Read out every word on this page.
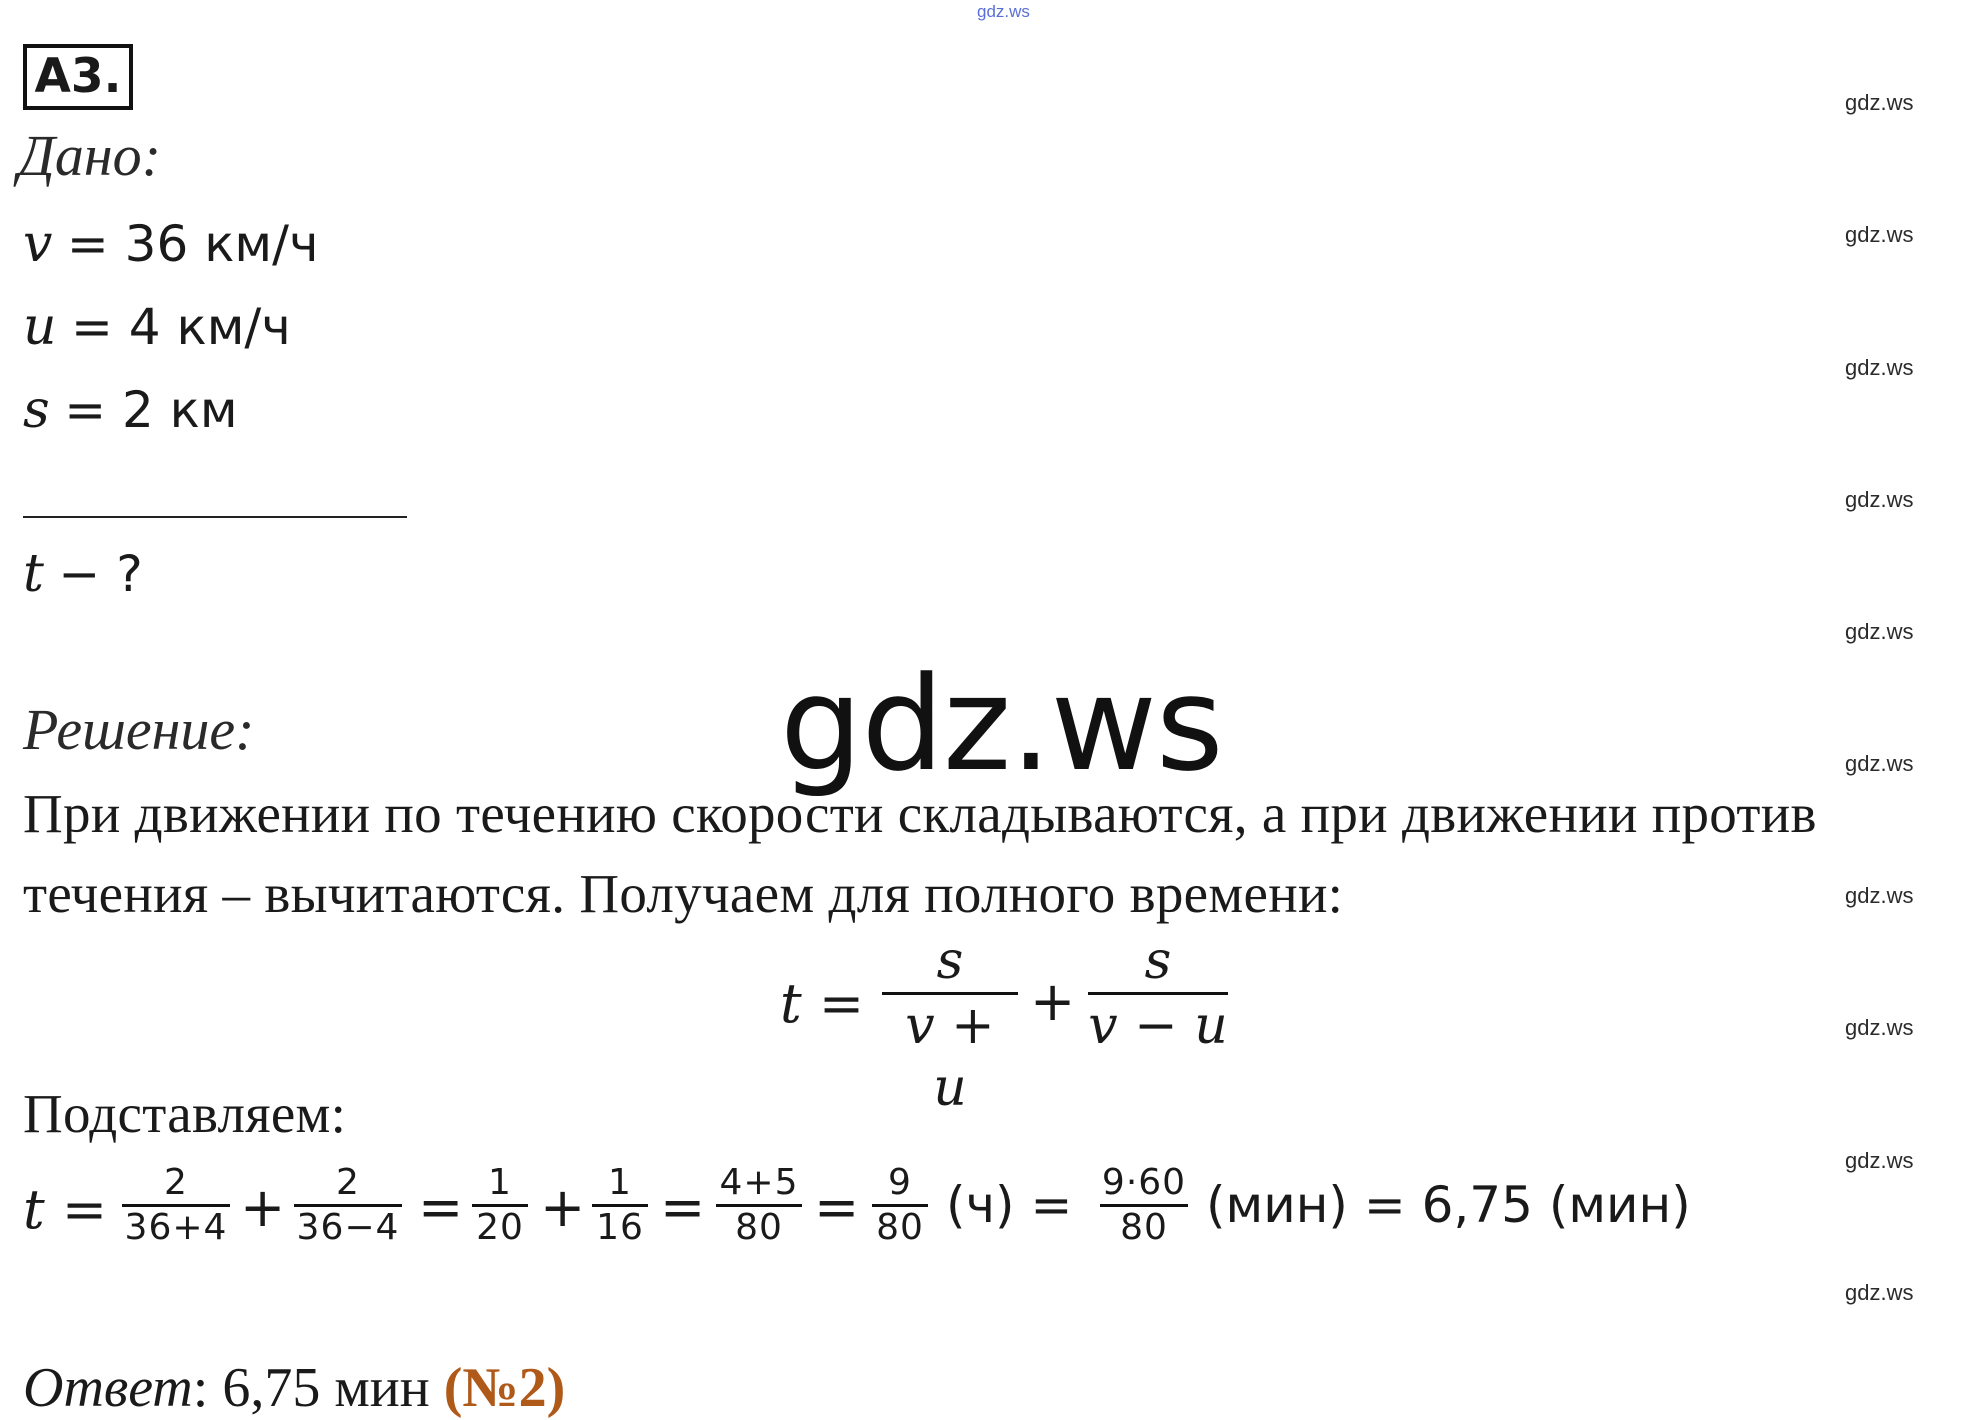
gdz.ws
А3.
Дано:
v = 36 км/ч
u = 4 км/ч
s = 2 км
t − ?
Решение:	gdz.ws
При движении по течению скорости складываются, а при движении против
течения – вычитаются. Получаем для полного времени:
t =
s
v + u
+
s
v − u
Подставляем:
t =	2
36+4 +	2
36−4 = 1
20 + 1
16 = 4+5
80 = 9
80 (ч) = 9·60
80 (мин) = 6,75 (мин)
Ответ: 6,75 мин (№2)
gdz.ws
gdz.ws
gdz.ws
gdz.ws
gdz.ws
gdz.ws
gdz.ws
gdz.ws
gdz.ws
gdz.ws
